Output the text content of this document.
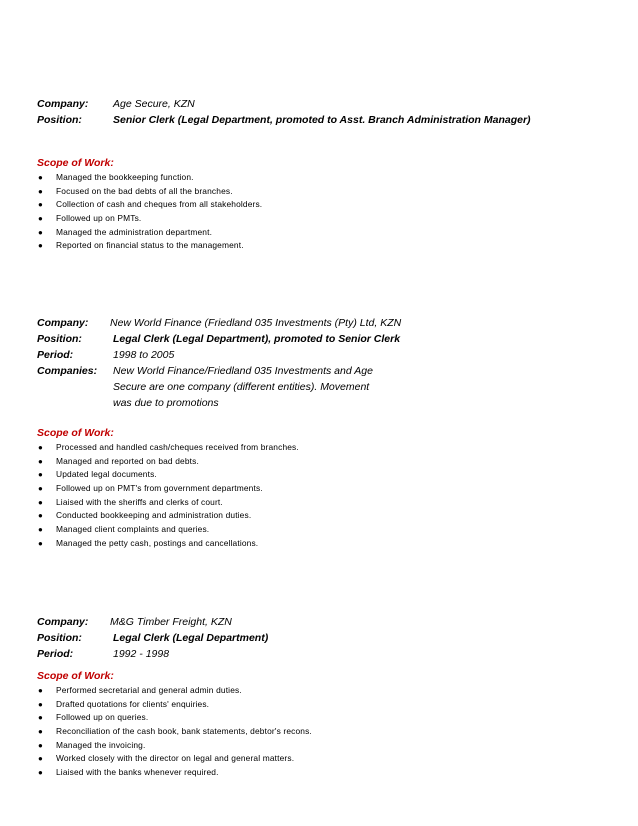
Company: Age Secure, KZN
Position:	Senior Clerk (Legal Department, promoted to Asst. Branch Administration Manager)
Scope of Work:
● Managed the bookkeeping function.
● Focused on the bad debts of all the branches.
● Collection of cash and cheques from all stakeholders.
● Followed up on PMTs.
● Managed the administration department.
● Reported on financial status to the management.
Company: New World Finance (Friedland 035 Investments (Pty) Ltd, KZN
Position:	Legal Clerk (Legal Department), promoted to Senior Clerk
Period:	1998 to 2005
Companies: New World Finance/Friedland 035 Investments and Age
Secure are one company (different entities). Movement
was due to promotions
Scope of Work:
● Processed and handled cash/cheques received from branches.
● Managed and reported on bad debts.
● Updated legal documents.
● Followed up on PMT's from government departments.
● Liaised with the sheriffs and clerks of court.
● Conducted bookkeeping and administration duties.
● Managed client complaints and queries.
● Managed the petty cash, postings and cancellations.
Company: M&G Timber Freight, KZN
Position:	Legal Clerk (Legal Department)
Period:	1992 - 1998
Scope of Work:
● Performed secretarial and general admin duties.
● Drafted quotations for clients' enquiries.
● Followed up on queries.
● Reconciliation of the cash book, bank statements, debtor's recons.
● Managed the invoicing.
● Worked closely with the director on legal and general matters.
● Liaised with the banks whenever required.
